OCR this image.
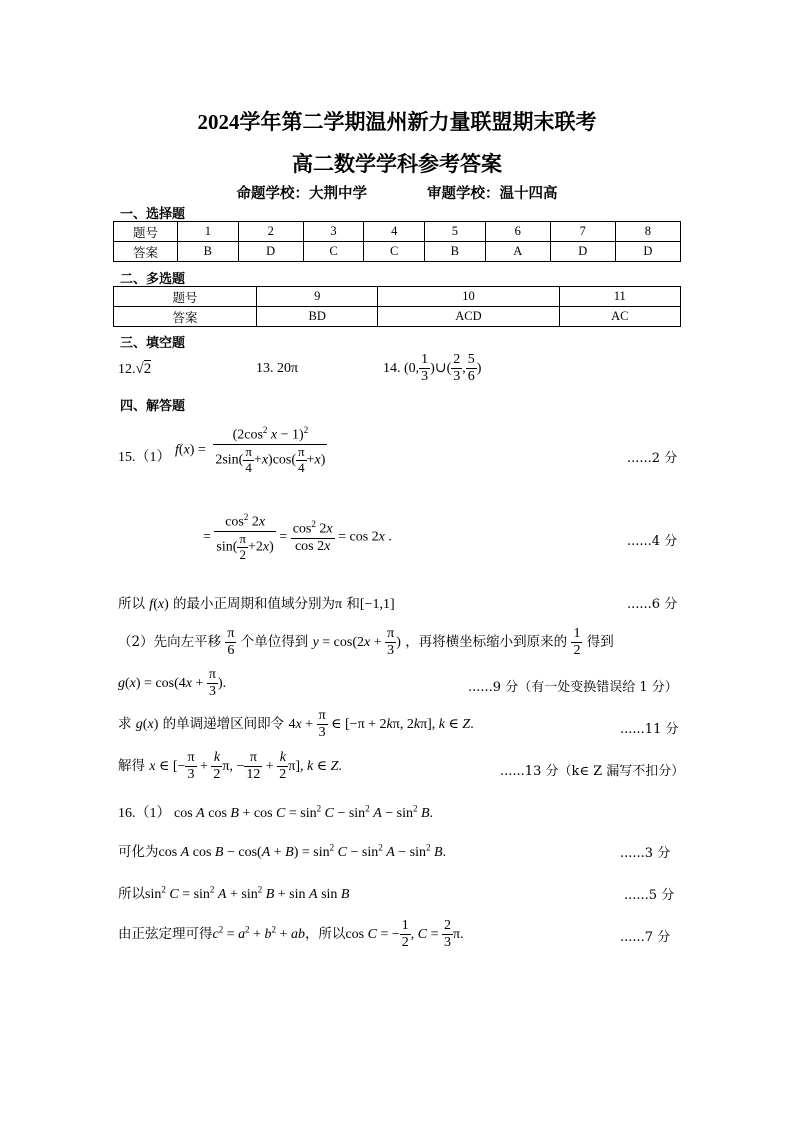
2024学年第二学期温州新力量联盟期末联考
高二数学学科参考答案
命题学校：大荆中学	审题学校：温十四高
一、选择题
题号	1	2	3	4	5	6	7	8
答案	B	D	C	C	B	A	D	D
二、多选题
题号	9	10	11
答案	BD	ACD	AC
三、填空题
12.√2	13. 20π	14. (0, $\frac{1}{3}$ )∪( $\frac{2}{3}$ , $\frac{5}{6}$ )
四、解答题
15.（1） $f(x) = \frac{(2\cos^2 x - 1)^2}{2\sin( \frac{\pi}{4} +x)\cos( \frac{\pi}{4} +x)}$	......2 分
= $\frac{\cos^2 2x}{\sin( \frac{\pi}{2} +2x)} = \frac{\cos^2 2x}{\cos 2x} = \cos 2x$ .	......4 分
所以 f(x) 的最小正周期和值域分别为π 和[−1,1]	......6 分
（2）先向左平移 $\frac{\pi}{6}$ 个单位得到 $y = \cos(2x + \frac{\pi}{3}$ ) ，再将横坐标缩小到原来的 $\frac{1}{2}$ 得到
$g(x) = \cos(4x + \frac{\pi}{3}$ ).	......9 分（有一处变换错误给 1 分）
求 g(x) 的单调递增区间即令 $4x + \frac{\pi}{3}$ ∈ [−π + 2kπ, 2kπ], k ∈ Z.	......11 分
解得 x ∈ [− $\frac{\pi}{3} + \frac{k}{2} \pi$, − $\frac{\pi}{12} + \frac{k}{2} \pi$], k ∈ Z.	......13 分（k∈ Z 漏写不扣分）
16.（1） cos A $\cos B + \cos C = \sin^2 C - \sin^2 A - \sin^2 B$.
可化为cos A $\cos B - \cos(A + B) = \sin^2 C - \sin^2 A - \sin^2 B$.	......3 分
所以$\sin^2 C = \sin^2 A + \sin^2 B + \sin A$ sin B	......5 分
由正弦定理可得$c^2 = a^2 + b^2$ + ab，所以cos C = − $\frac{1}{2}$ , $C = \frac{2}{3} \pi$.	......7 分
